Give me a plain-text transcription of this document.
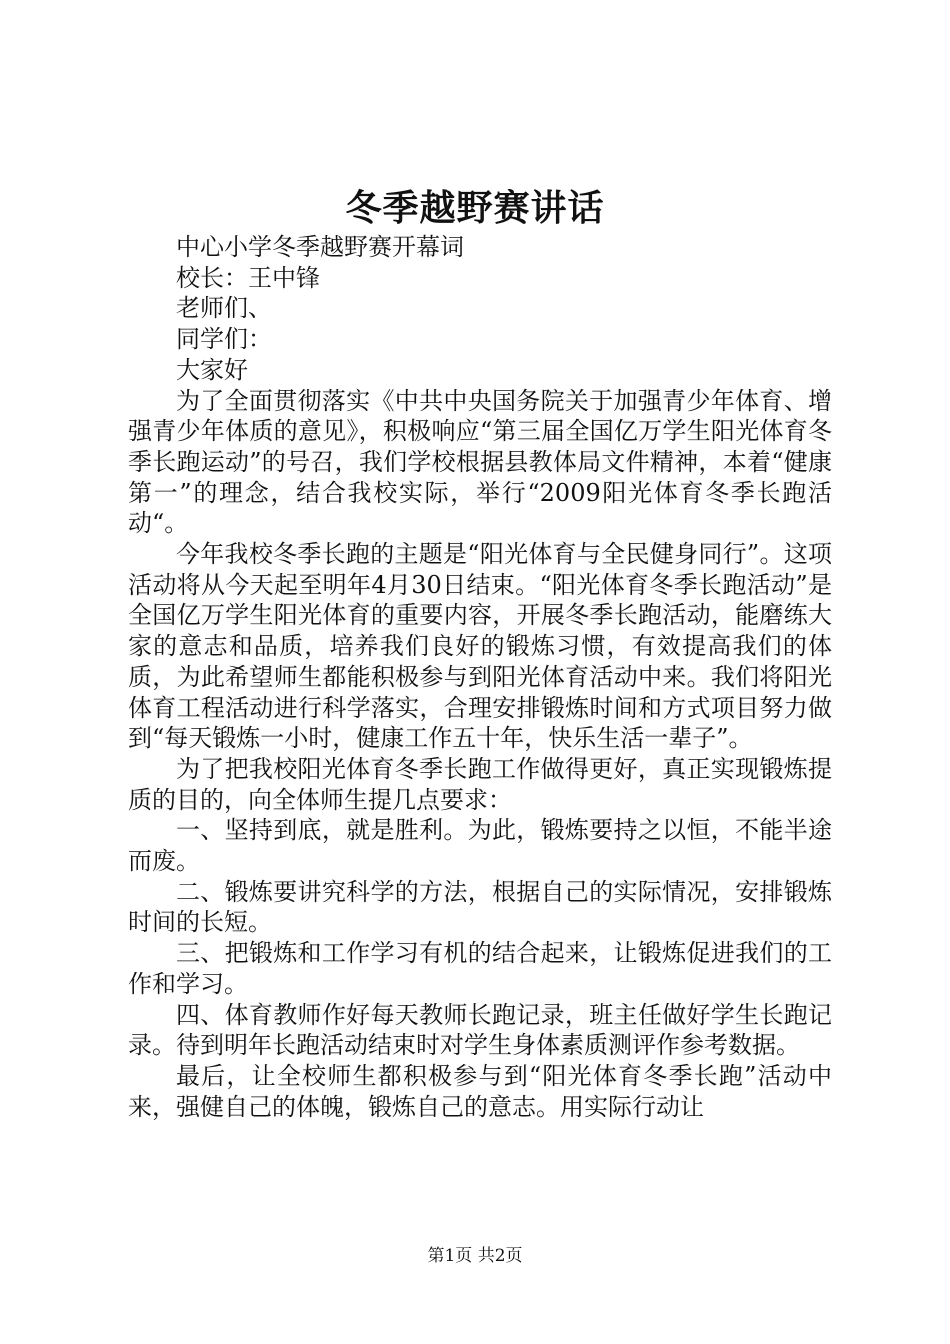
冬季越野赛讲话

中心小学冬季越野赛开幕词

校长：王中锋

老师们、

同学们：

大家好

为了全面贯彻落实《中共中央国务院关于加强青少年体育、增强青少年体质的意见》，积极响应“第三届全国亿万学生阳光体育冬季长跑运动”的号召，我们学校根据县教体局文件精神，本着“健康第一”的理念，结合我校实际，举行“2009阳光体育冬季长跑活动“。

今年我校冬季长跑的主题是“阳光体育与全民健身同行”。这项活动将从今天起至明年4月30日结束。“阳光体育冬季长跑活动”是全国亿万学生阳光体育的重要内容，开展冬季长跑活动，能磨练大家的意志和品质，培养我们良好的锻炼习惯，有效提高我们的体质，为此希望师生都能积极参与到阳光体育活动中来。我们将阳光体育工程活动进行科学落实，合理安排锻炼时间和方式项目努力做到“每天锻炼一小时，健康工作五十年，快乐生活一辈子”。

为了把我校阳光体育冬季长跑工作做得更好，真正实现锻炼提质的目的，向全体师生提几点要求：

一、坚持到底，就是胜利。为此，锻炼要持之以恒，不能半途而废。

二、锻炼要讲究科学的方法，根据自己的实际情况，安排锻炼时间的长短。

三、把锻炼和工作学习有机的结合起来，让锻炼促进我们的工作和学习。

四、体育教师作好每天教师长跑记录，班主任做好学生长跑记录。待到明年长跑活动结束时对学生身体素质测评作参考数据。

最后，让全校师生都积极参与到“阳光体育冬季长跑”活动中来，强健自己的体魄，锻炼自己的意志。用实际行动让

第1页 共2页
